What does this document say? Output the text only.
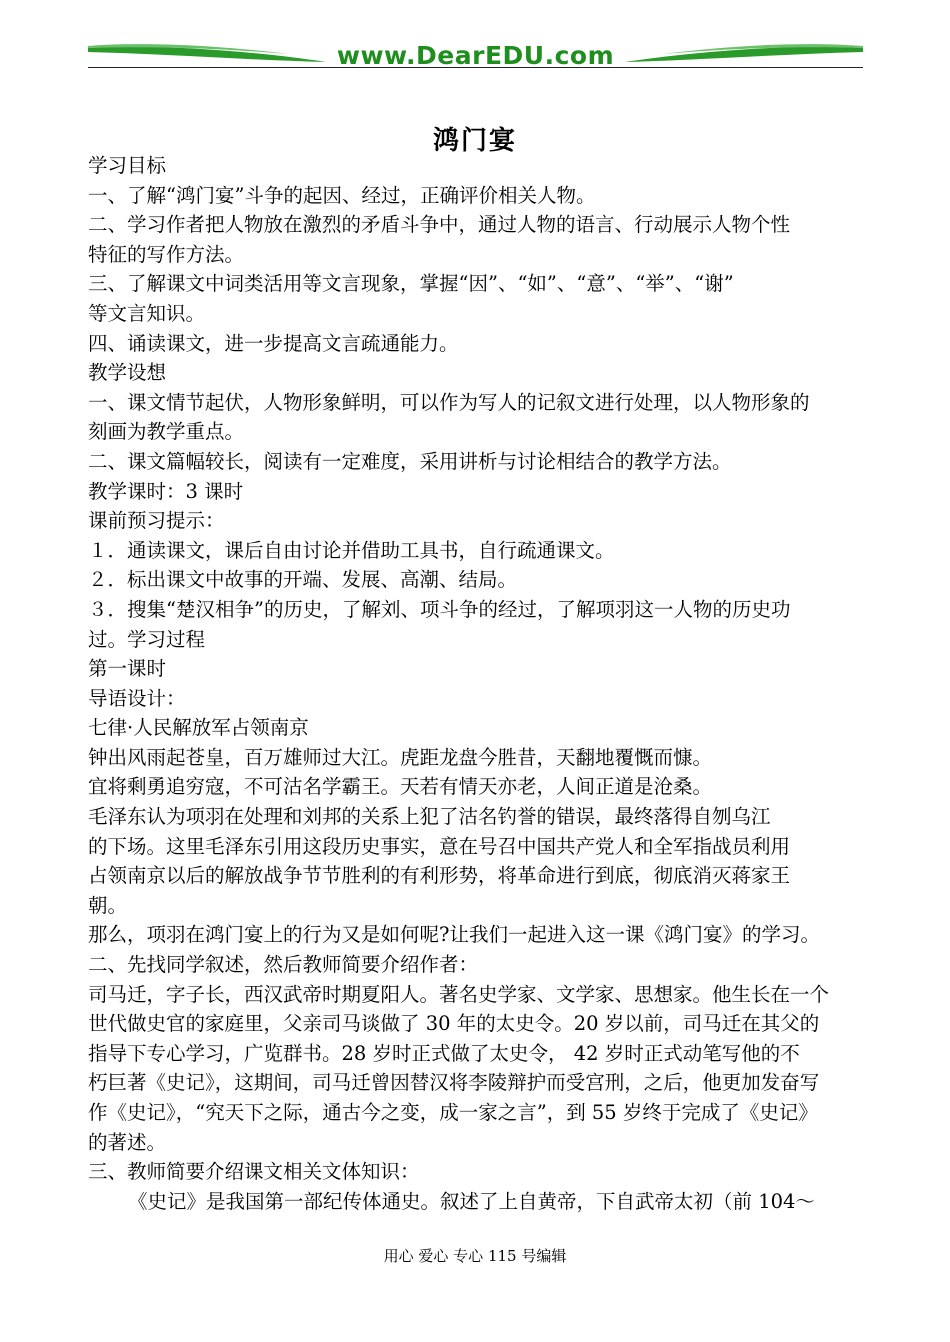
www.DearEDU.com
鸿门宴
学习目标
一、了解“鸿门宴”斗争的起因、经过，正确评价相关人物。
二、学习作者把人物放在激烈的矛盾斗争中，通过人物的语言、行动展示人物个性
特征的写作方法。
三、了解课文中词类活用等文言现象，掌握“因”、“如”、“意”、“举”、“谢”
等文言知识。
四、诵读课文，进一步提高文言疏通能力。
教学设想
一、课文情节起伏，人物形象鲜明，可以作为写人的记叙文进行处理，以人物形象的
刻画为教学重点。
二、课文篇幅较长，阅读有一定难度，采用讲析与讨论相结合的教学方法。
教学课时：3 课时
课前预习提示：
１．通读课文，课后自由讨论并借助工具书，自行疏通课文。
２．标出课文中故事的开端、发展、高潮、结局。
３．搜集“楚汉相争”的历史，了解刘、项斗争的经过，了解项羽这一人物的历史功
过。学习过程
第一课时
导语设计：
七律·人民解放军占领南京
钟出风雨起苍皇，百万雄师过大江。虎距龙盘今胜昔，天翻地覆慨而慷。
宜将剩勇追穷寇，不可沽名学霸王。天若有情天亦老，人间正道是沧桑。
毛泽东认为项羽在处理和刘邦的关系上犯了沽名钓誉的错误，最终落得自刎乌江
的下场。这里毛泽东引用这段历史事实，意在号召中国共产党人和全军指战员利用
占领南京以后的解放战争节节胜利的有利形势，将革命进行到底，彻底消灭蒋家王
朝。
那么，项羽在鸿门宴上的行为又是如何呢?让我们一起进入这一课《鸿门宴》的学习。
二、先找同学叙述，然后教师简要介绍作者：
司马迁，字子长，西汉武帝时期夏阳人。著名史学家、文学家、思想家。他生长在一个
世代做史官的家庭里，父亲司马谈做了 30 年的太史令。20 岁以前，司马迁在其父的
指导下专心学习，广览群书。28 岁时正式做了太史令， 42 岁时正式动笔写他的不
朽巨著《史记》，这期间，司马迁曾因替汉将李陵辩护而受宫刑，之后，他更加发奋写
作《史记》，“究天下之际，通古今之变，成一家之言”，到 55 岁终于完成了《史记》
的著述。
三、教师简要介绍课文相关文体知识：
《史记》是我国第一部纪传体通史。叙述了上自黄帝，下自武帝太初（前 104～
用心 爱心 专心 115 号编辑
